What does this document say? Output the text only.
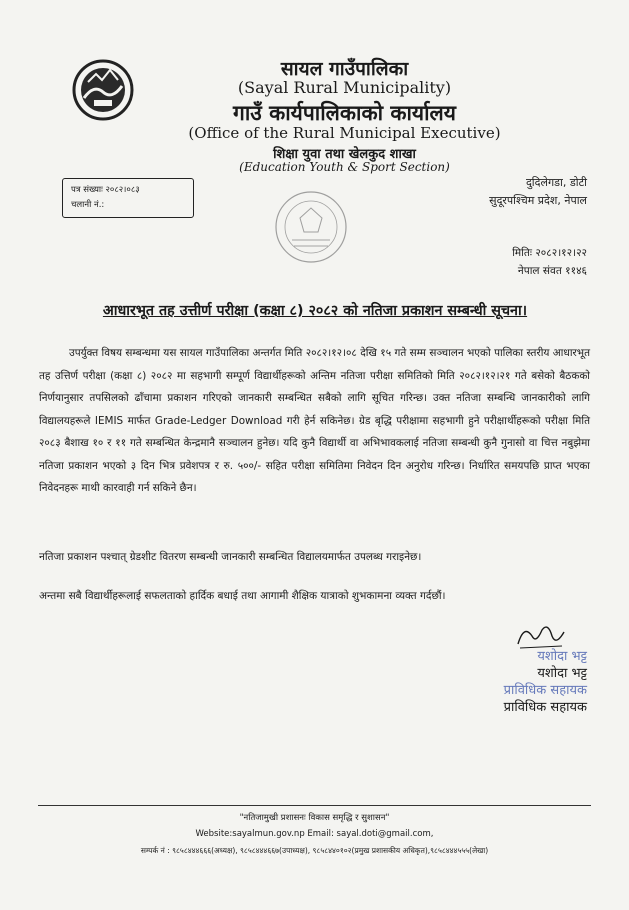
सायल गाउँपालिका
(Sayal Rural Municipality)
गाउँ कार्यपालिकाको कार्यालय
(Office of the Rural Municipal Executive)
शिक्षा युवा तथा खेलकुद शाखा
(Education Youth & Sport Section)
पत्र संख्याः २०८२।०८३
चलानी नं.:
दुदिलेगडा, डोटी
सुदूरपश्चिम प्रदेश, नेपाल
मितिः २०८२।१२।२२
नेपाल संवत ११४६
आधारभूत तह उत्तीर्ण परीक्षा (कक्षा ८) २०८२ को नतिजा प्रकाशन सम्बन्धी सूचना।

उपर्युक्त विषय सम्बन्धमा यस सायल गाउँपालिका अन्तर्गत मिति २०८२।१२।०८ देखि १५ गते सम्म सञ्चालन भएको पालिका स्तरीय आधारभूत तह उत्तिर्ण परीक्षा (कक्षा ८) २०८२ मा सहभागी सम्पूर्ण विद्यार्थीहरूको अन्तिम नतिजा परीक्षा समितिको मिति २०८२।१२।२१ गते बसेको बैठकको निर्णयानुसार तपसिलको ढाँचामा प्रकाशन गरिएको जानकारी सम्बन्धित सबैको लागि सूचित गरिन्छ। उक्त नतिजा सम्बन्धि जानकारीको लागि विद्यालयहरूले IEMIS मार्फत Grade-Ledger Download गरी हेर्न सकिनेछ। ग्रेड बृद्धि परीक्षामा सहभागी हुने परीक्षार्थीहरूको परीक्षा मिति २०८३ बैशाख १० र ११ गते सम्बन्धित केन्द्रमानै सञ्चालन हुनेछ। यदि कुनै विद्यार्थी वा अभिभावकलाई नतिजा सम्बन्धी कुनै गुनासो वा चित्त नबुझेमा नतिजा प्रकाशन भएको ३ दिन भित्र प्रवेशपत्र र रु. ५००/- सहित परीक्षा समितिमा निवेदन दिन अनुरोध गरिन्छ। निर्धारित समयपछि प्राप्त भएका निवेदनहरू माथी कारवाही गर्न सकिने छैन।

नतिजा प्रकाशन पश्चात् ग्रेडशीट वितरण सम्बन्धी जानकारी सम्बन्धित विद्यालयमार्फत उपलब्ध गराइनेछ।
अन्तमा सबै विद्यार्थीहरूलाई सफलताको हार्दिक बधाई तथा आगामी शैक्षिक यात्राको शुभकामना व्यक्त गर्दछौं।
यशोदा भट्ट
यशोदा भट्ट
प्राविधिक सहायक
प्राविधिक सहायक
"नतिजामुखी प्रशासनः विकास समृद्धि र सुशासन"
Website:sayalmun.gov.np Email: sayal.doti@gmail.com,
सम्पर्क नं : ९८५८४४४६६६(अध्यक्ष), ९८५८४४४६६७(उपाध्यक्ष), ९८५८४४०१०२(प्रमुख प्रशासकीय अधिकृत),९८५८४४४५५५(लेखा)
